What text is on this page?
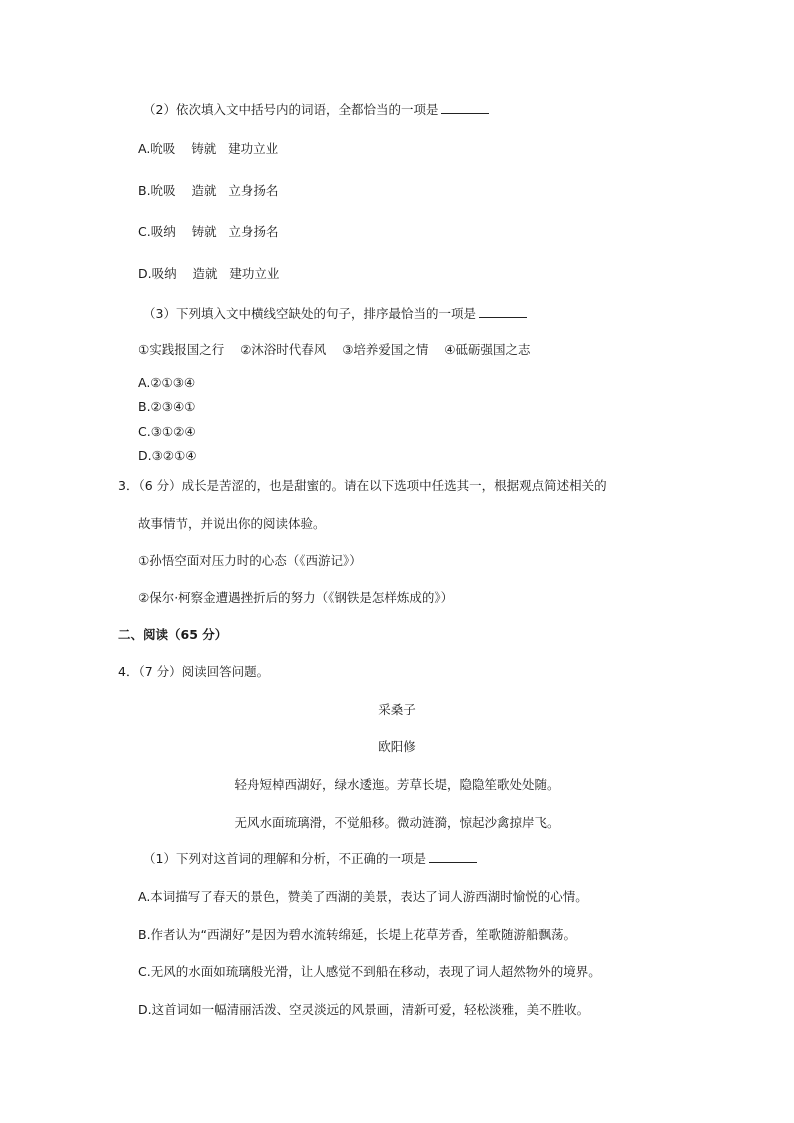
（2）依次填入文中括号内的词语，全都恰当的一项是
A.吮吸    铸就   建功立业
B.吮吸    造就   立身扬名
C.吸纳    铸就   立身扬名
D.吸纳    造就   建功立业
（3）下列填入文中横线空缺处的句子，排序最恰当的一项是
①实践报国之行    ②沐浴时代春风    ③培养爱国之情    ④砥砺强国之志
A.②①③④
B.②③④①
C.③①②④
D.③②①④
3．（6 分）成长是苦涩的，也是甜蜜的。请在以下选项中任选其一，根据观点简述相关的
故事情节，并说出你的阅读体验。
①孙悟空面对压力时的心态（《西游记》）
②保尔·柯察金遭遇挫折后的努力（《钢铁是怎样炼成的》）
二、阅读（65 分）
4．（7 分）阅读回答问题。
采桑子
欧阳修
轻舟短棹西湖好，绿水逶迤。芳草长堤，隐隐笙歌处处随。
无风水面琉璃滑，不觉船移。微动涟漪，惊起沙禽掠岸飞。
（1）下列对这首词的理解和分析，不正确的一项是
A.本词描写了春天的景色，赞美了西湖的美景，表达了词人游西湖时愉悦的心情。
B.作者认为“西湖好”是因为碧水流转绵延，长堤上花草芳香，笙歌随游船飘荡。
C.无风的水面如琉璃般光滑，让人感觉不到船在移动，表现了词人超然物外的境界。
D.这首词如一幅清丽活泼、空灵淡远的风景画，清新可爱，轻松淡雅，美不胜收。
